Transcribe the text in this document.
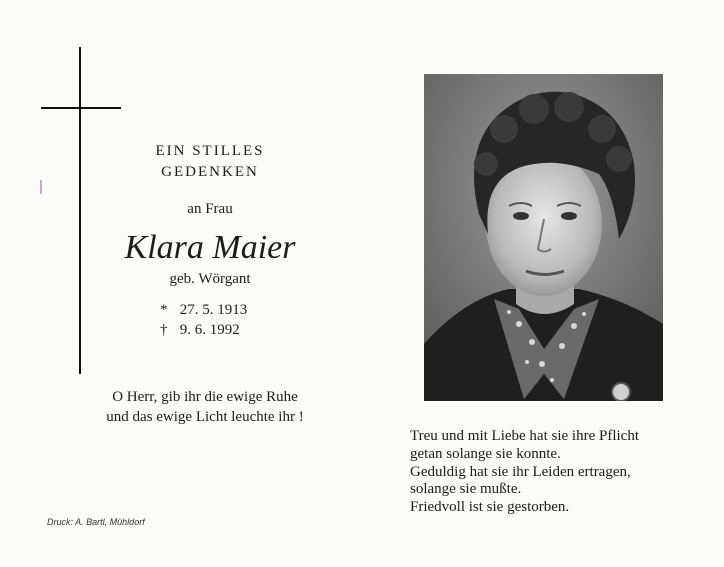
EIN STILLES
GEDENKEN
an Frau
Klara Maier
geb. Wörgant
* 27. 5. 1913
† 9. 6. 1992
O Herr, gib ihr die ewige Ruhe
und das ewige Licht leuchte ihr !
Druck: A. Bartl, Mühldorf
Treu und mit Liebe hat sie ihre Pflicht
getan solange sie konnte.
Geduldig hat sie ihr Leiden ertragen,
solange sie mußte.
Friedvoll ist sie gestorben.
